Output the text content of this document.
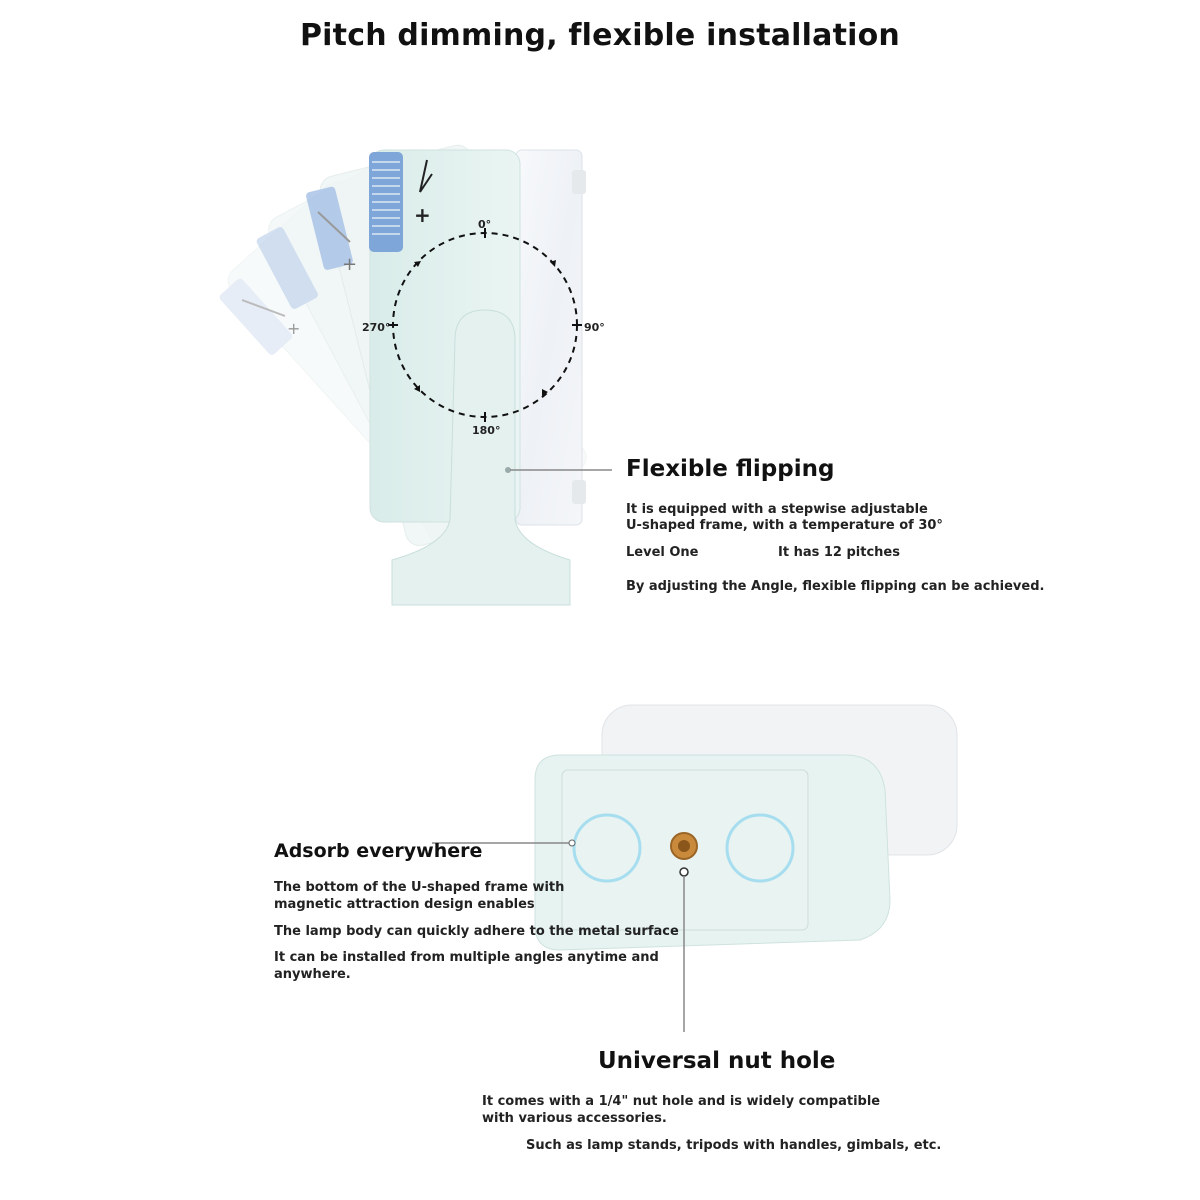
Pitch dimming, flexible installation
+
+
+	0°
90°
180°
270°
Flexible flipping
It is equipped with a stepwise adjustable
U-shaped frame, with a temperature of 30°
Level One	It has 12 pitches
By adjusting the Angle, flexible flipping can be achieved.
Adsorb everywhere
The bottom of the U-shaped frame with
magnetic attraction design enables
The lamp body can quickly adhere to the metal surface
It can be installed from multiple angles anytime and
anywhere.
Universal nut hole
It comes with a 1/4" nut hole and is widely compatible
with various accessories.
Such as lamp stands, tripods with handles, gimbals, etc.
